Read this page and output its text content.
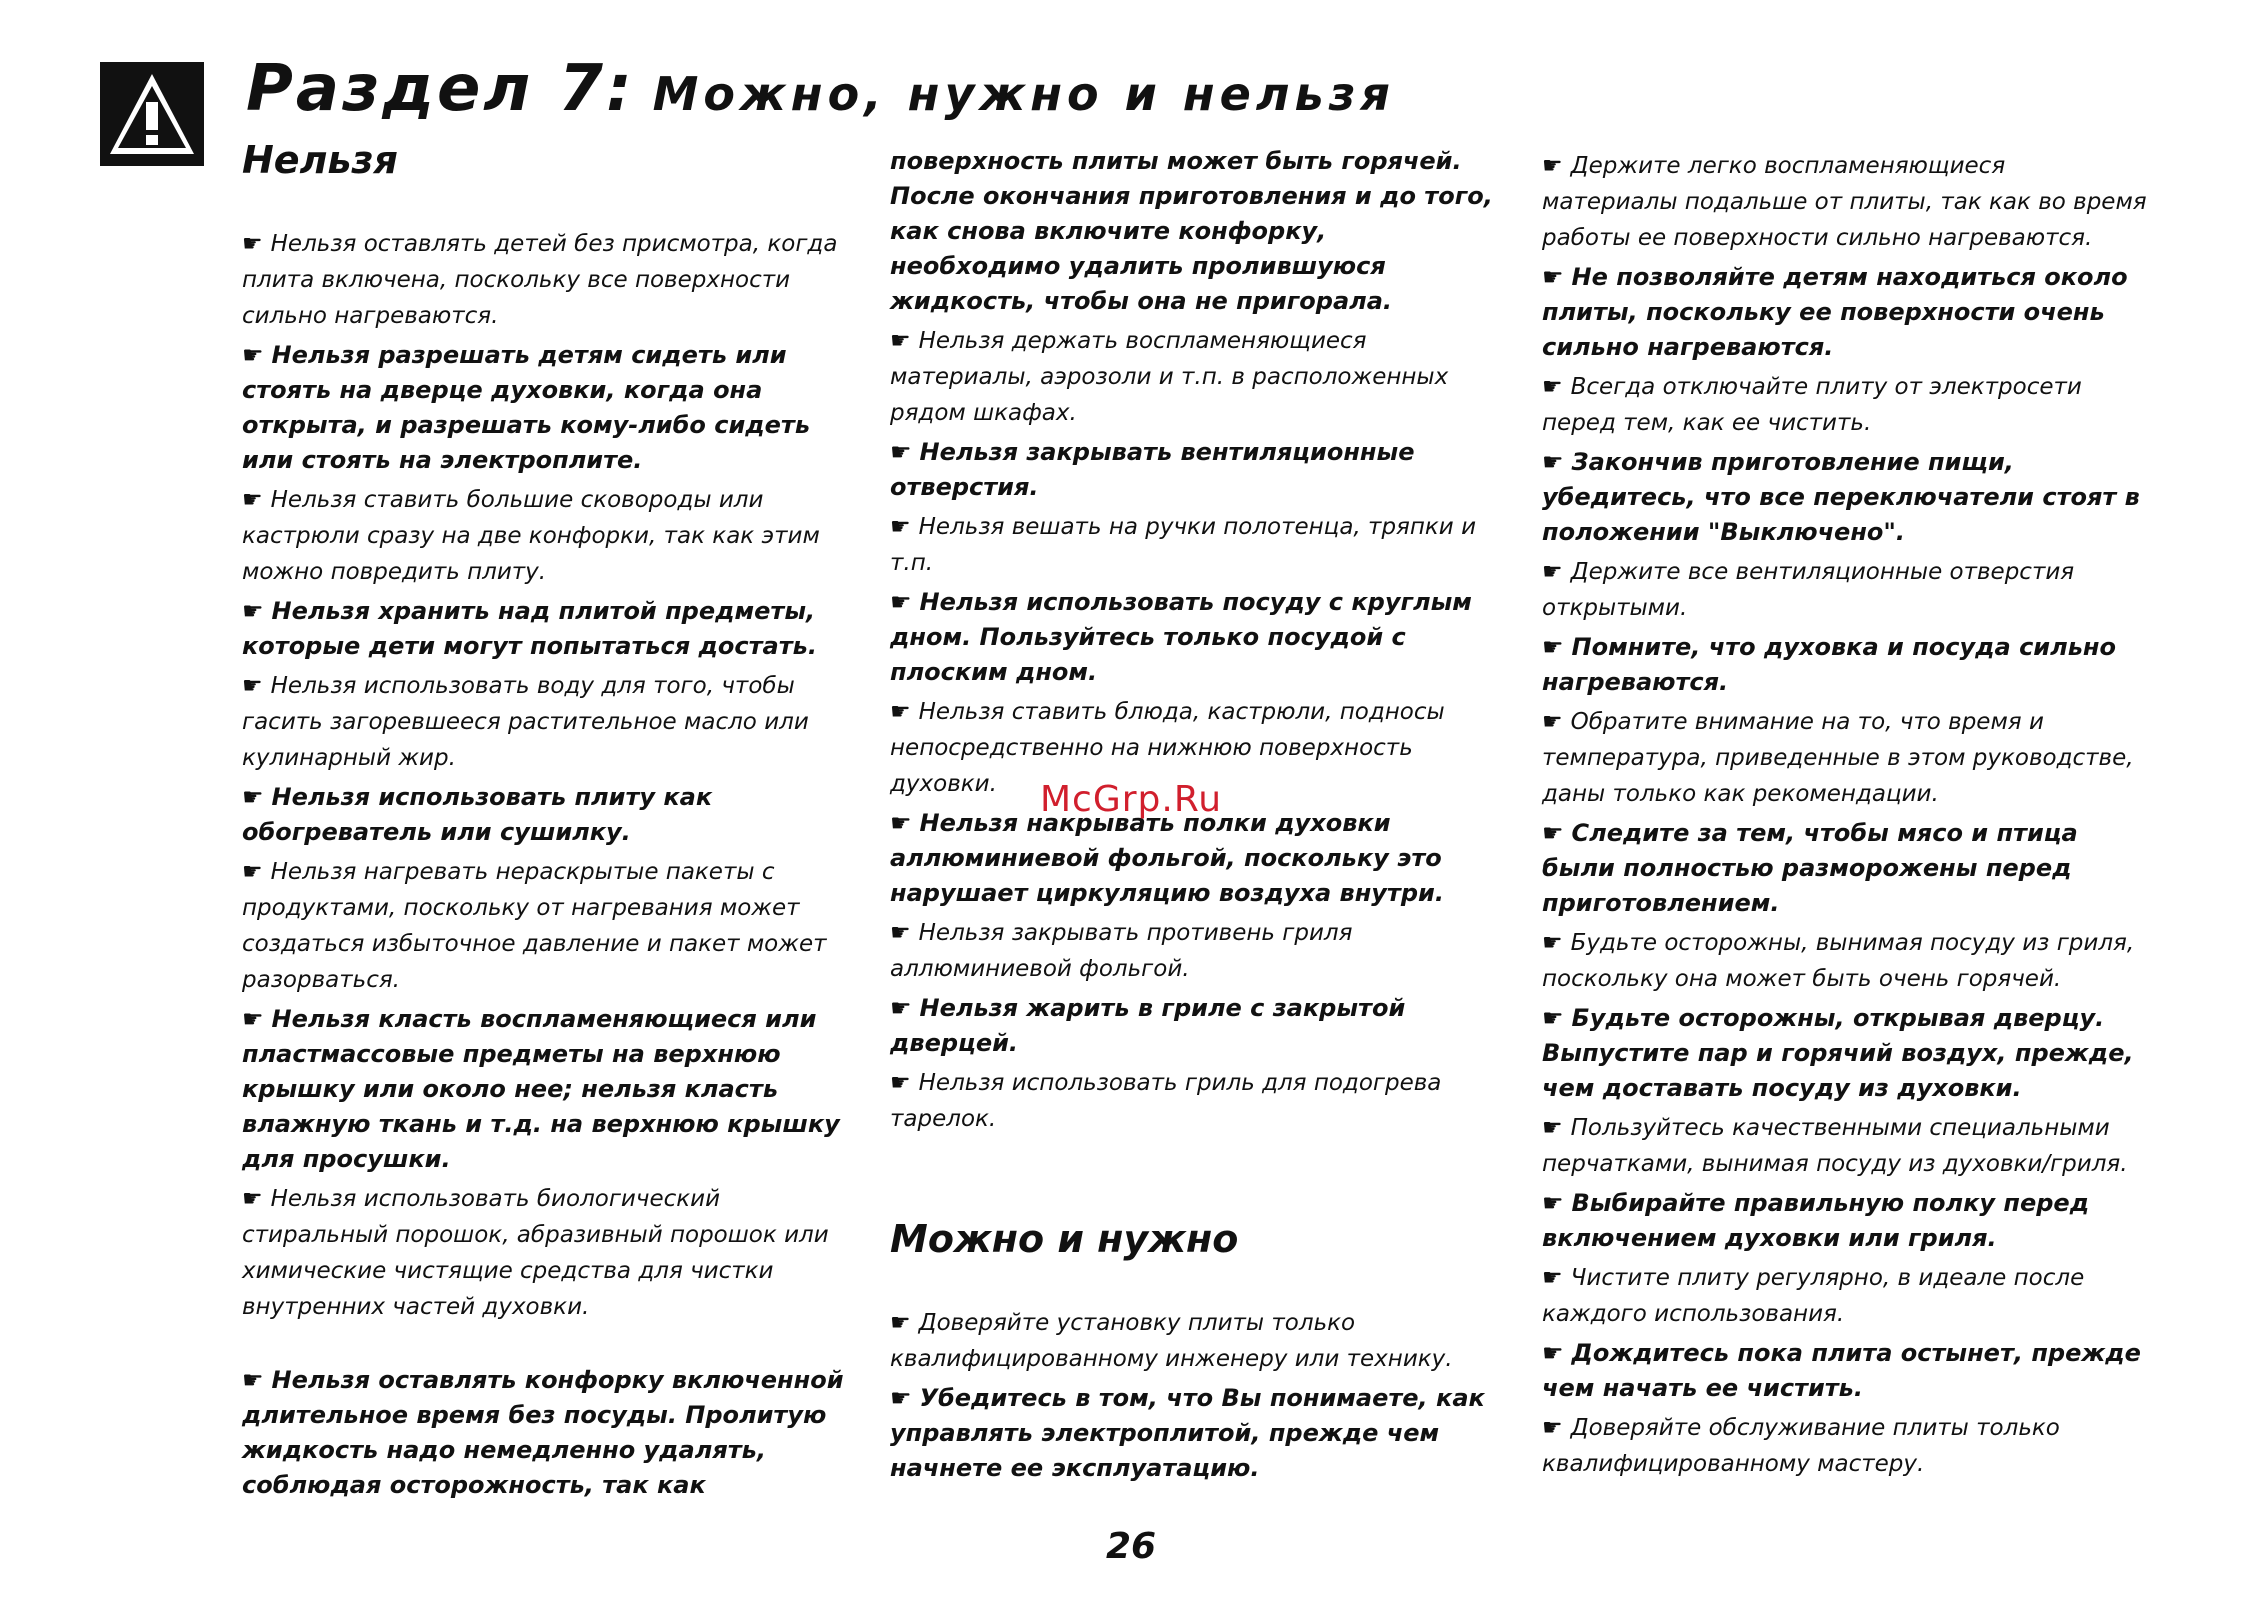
Раздел 7: Можно, нужно и нельзя
Нельзя

☛ Нельзя оставлять детей без присмотра, когда плита включена, поскольку все поверхности сильно нагреваются.

☛ Нельзя разрешать детям сидеть или стоять на дверце духовки, когда она открыта, и разрешать кому-либо сидеть или стоять на электроплите.

☛ Нельзя ставить большие сковороды или кастрюли сразу на две конфорки, так как этим можно повредить плиту.

☛ Нельзя хранить над плитой предметы, которые дети могут попытаться достать.

☛ Нельзя использовать воду для того, чтобы гасить загоревшееся растительное масло или кулинарный жир.

☛ Нельзя использовать плиту как обогреватель или сушилку.

☛ Нельзя нагревать нераскрытые пакеты с продуктами, поскольку от нагревания может создаться избыточное давление и пакет может разорваться.

☛ Нельзя класть воспламеняющиеся или пластмассовые предметы на верхнюю крышку или около нее; нельзя класть влажную ткань и т.д. на верхнюю крышку для просушки.

☛ Нельзя использовать биологический стиральный порошок, абразивный порошок или химические чистящие средства для чистки внутренних частей духовки.

☛ Нельзя оставлять конфорку включенной длительное время без посуды. Пролитую жидкость надо немедленно удалять, соблюдая осторожность, так как

поверхность плиты может быть горячей. После окончания приготовления и до того, как снова включите конфорку, необходимо удалить пролившуюся жидкость, чтобы она не пригорала.

☛ Нельзя держать воспламеняющиеся материалы, аэрозоли и т.п. в расположенных рядом шкафах.

☛ Нельзя закрывать вентиляционные отверстия.

☛ Нельзя вешать на ручки полотенца, тряпки и т.п.

☛ Нельзя использовать посуду с круглым дном. Пользуйтесь только посудой с плоским дном.

☛ Нельзя ставить блюда, кастрюли, подносы непосредственно на нижнюю поверхность духовки.

☛ Нельзя накрывать полки духовки аллюминиевой фольгой, поскольку это нарушает циркуляцию воздуха внутри.

☛ Нельзя закрывать противень гриля аллюминиевой фольгой.

☛ Нельзя жарить в гриле с закрытой дверцей.

☛ Нельзя использовать гриль для подогрева тарелок.

Можно и нужно

☛ Доверяйте установку плиты только квалифицированному инженеру или технику.

☛ Убедитесь в том, что Вы понимаете, как управлять электроплитой, прежде чем начнете ее эксплуатацию.

☛ Держите легко воспламеняющиеся материалы подальше от плиты, так как во время работы ее поверхности сильно нагреваются.

☛ Не позволяйте детям находиться около плиты, поскольку ее поверхности очень сильно нагреваются.

☛ Всегда отключайте плиту от электросети перед тем, как ее чистить.

☛ Закончив приготовление пищи, убедитесь, что все переключатели стоят в положении "Выключено".

☛ Держите все вентиляционные отверстия открытыми.

☛ Помните, что духовка и посуда сильно нагреваются.

☛ Обратите внимание на то, что время и температура, приведенные в этом руководстве, даны только как рекомендации.

☛ Следите за тем, чтобы мясо и птица были полностью разморожены перед приготовлением.

☛ Будьте осторожны, вынимая посуду из гриля, поскольку она может быть очень горячей.

☛ Будьте осторожны, открывая дверцу. Выпустите пар и горячий воздух, прежде, чем доставать посуду из духовки.

☛ Пользуйтесь качественными специальными перчатками, вынимая посуду из духовки/гриля.

☛ Выбирайте правильную полку перед включением духовки или гриля.

☛ Чистите плиту регулярно, в идеале после каждого использования.

☛ Дождитесь пока плита остынет, прежде чем начать ее чистить.

☛ Доверяйте обслуживание плиты только квалифицированному мастеру.

McGrp.Ru
26
